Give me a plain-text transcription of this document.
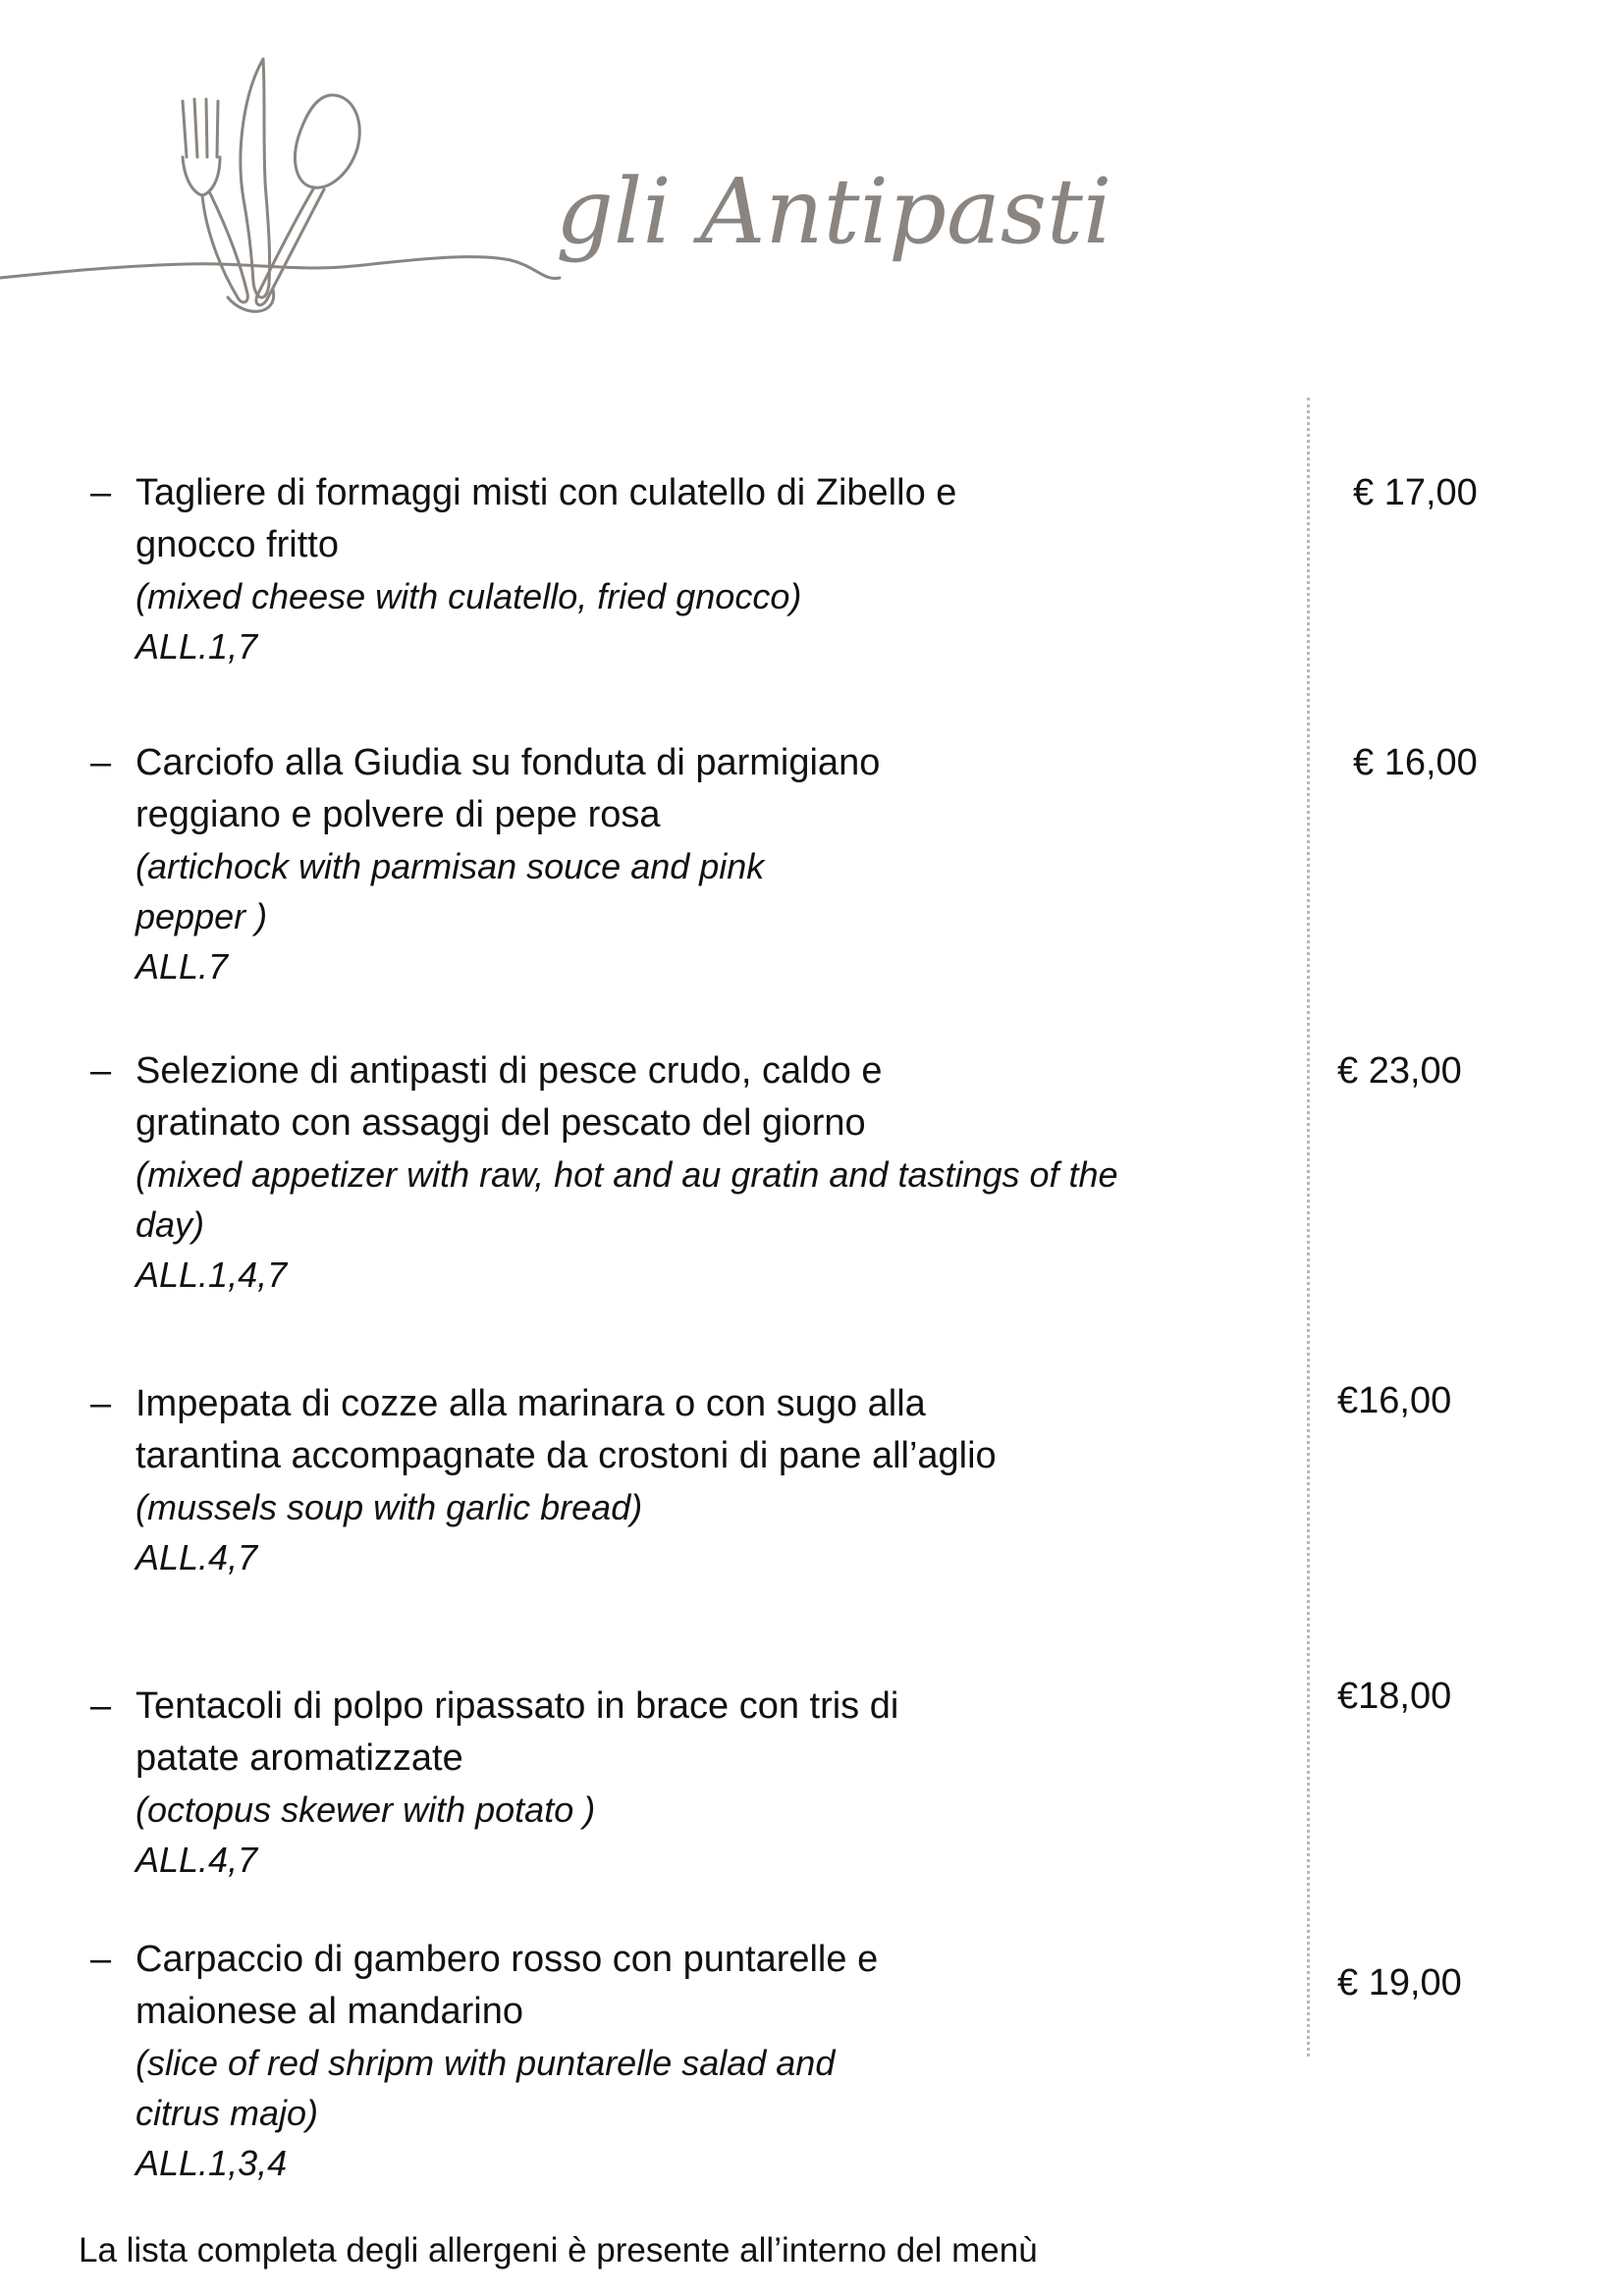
gli Antipasti
– Tagliere di formaggi misti con culatello di Zibello e
gnocco fritto
(mixed cheese with culatello, fried gnocco)
ALL.1,7
€ 17,00
– Carciofo alla Giudia su fonduta di parmigiano
reggiano e polvere di pepe rosa
(artichock with parmisan souce and pink
pepper )
ALL.7
€ 16,00
– Selezione di antipasti di pesce crudo, caldo e
gratinato con assaggi del pescato del giorno
(mixed appetizer with raw, hot and au gratin and tastings of the
day)
ALL.1,4,7
€ 23,00
– Impepata di cozze alla marinara o con sugo alla
tarantina accompagnate da crostoni di pane all’aglio
(mussels soup with garlic bread)
ALL.4,7
€16,00
– Tentacoli di polpo ripassato in brace con tris di
patate aromatizzate
(octopus skewer with potato )
ALL.4,7
€18,00
– Carpaccio di gambero rosso con puntarelle e
maionese al mandarino
(slice of red shripm with puntarelle salad and
citrus majo)
ALL.1,3,4
€ 19,00
La lista completa degli allergeni è presente all’interno del menù
